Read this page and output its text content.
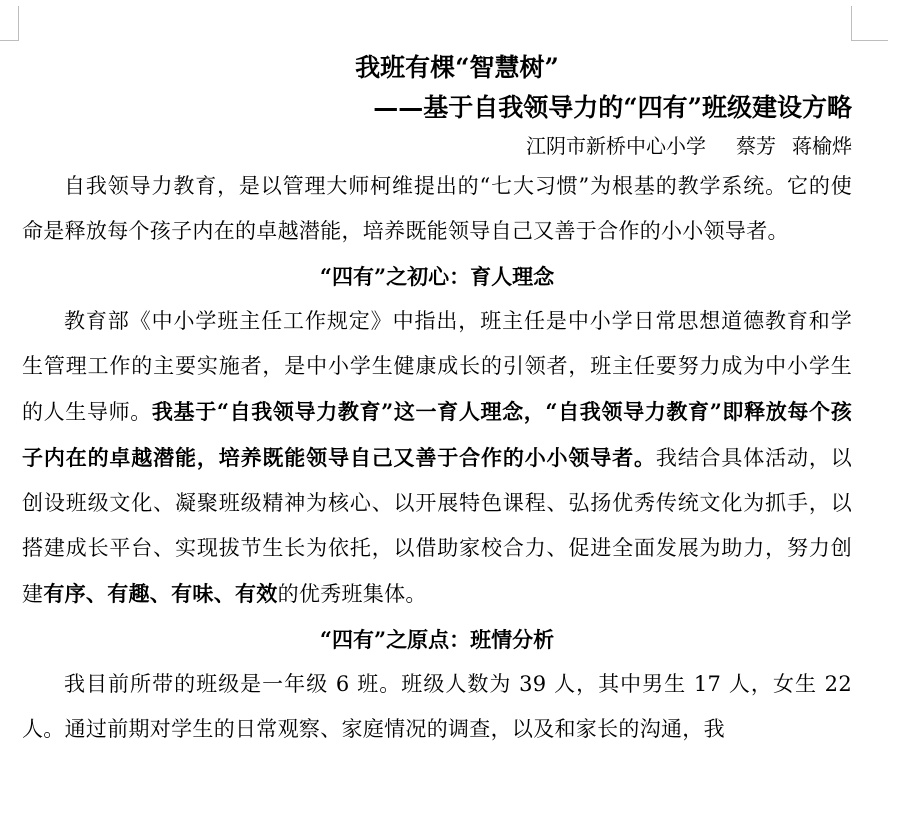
我班有棵“智慧树”
——基于自我领导力的“四有”班级建设方略
江阴市新桥中心小学 蔡芳 蒋榆烨

自我领导力教育，是以管理大师柯维提出的“七大习惯”为根基的教学系统。它的使命是释放每个孩子内在的卓越潜能，培养既能领导自己又善于合作的小小领导者。

“四有”之初心：育人理念

教育部《中小学班主任工作规定》中指出，班主任是中小学日常思想道德教育和学生管理工作的主要实施者，是中小学生健康成长的引领者，班主任要努力成为中小学生的人生导师。我基于“自我领导力教育”这一育人理念，“自我领导力教育”即释放每个孩子内在的卓越潜能，培养既能领导自己又善于合作的小小领导者。我结合具体活动，以创设班级文化、凝聚班级精神为核心、以开展特色课程、弘扬优秀传统文化为抓手，以搭建成长平台、实现拔节生长为依托，以借助家校合力、促进全面发展为助力，努力创建有序、有趣、有味、有效的优秀班集体。

“四有”之原点：班情分析

我目前所带的班级是一年级 6 班。班级人数为 39 人，其中男生 17 人，女生 22 人。通过前期对学生的日常观察、家庭情况的调查，以及和家长的沟通，我
